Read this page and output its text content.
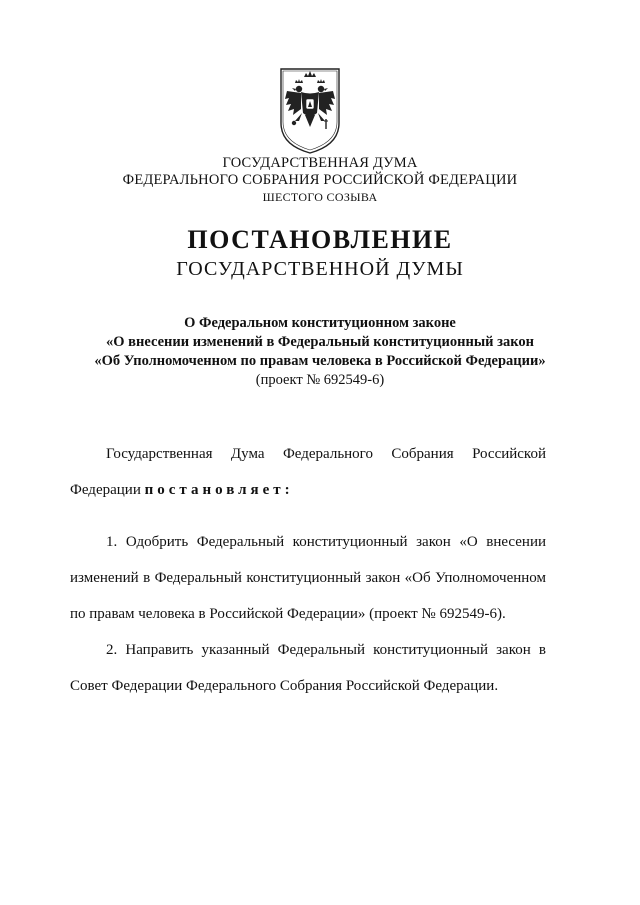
ГОСУДАРСТВЕННАЯ ДУМА
ФЕДЕРАЛЬНОГО СОБРАНИЯ РОССИЙСКОЙ ФЕДЕРАЦИИ
ШЕСТОГО СОЗЫВА
ПОСТАНОВЛЕНИЕ
ГОСУДАРСТВЕННОЙ ДУМЫ
О Федеральном конституционном законе
«О внесении изменений в Федеральный конституционный закон
«Об Уполномоченном по правам человека в Российской Федерации»
(проект № 692549-6)

Государственная Дума Федерального Собрания Российской Федерации постановляет:

1. Одобрить Федеральный конституционный закон «О внесении изменений в Федеральный конституционный закон «Об Уполномоченном по правам человека в Российской Федерации» (проект № 692549-6).

2. Направить указанный Федеральный конституционный закон в Совет Федерации Федерального Собрания Российской Федерации.
